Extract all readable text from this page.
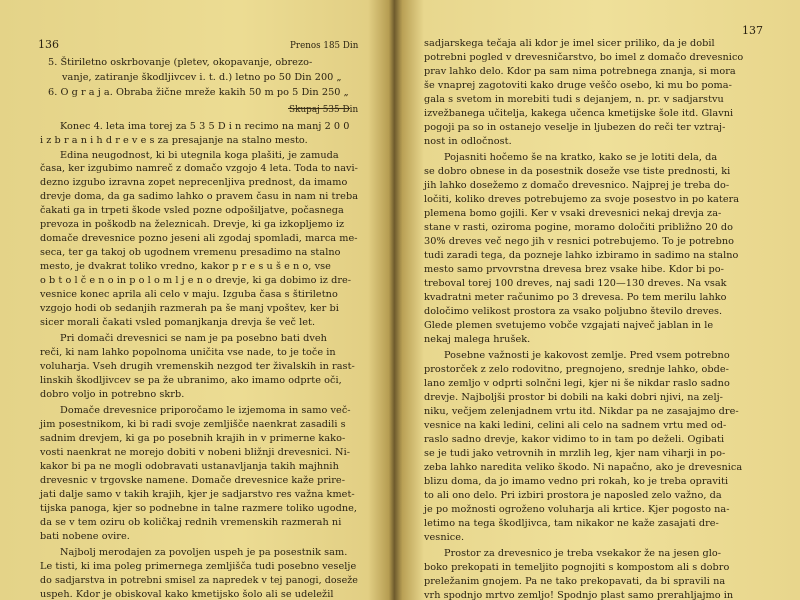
136	Prenos 185 Din
5. Štiriletno oskrbovanje (pletev, okopavanje, obrezo-
vanje, zatiranje škodljivcev i. t. d.) letno po 50 Din 200 „
6. O g r a j a. Obraba žične mreže kakih 50 m po 5 Din 250 „
Skupaj 535 Din
Konec 4. leta ima torej za 5 3 5 D i n recimo na manj 2 0 0
i z b r a n i h d r e v e s za presajanje na stalno mesto.
Edina neugodnost, ki bi utegnila koga plašiti, je zamuda
časa, ker izgubimo namreč z domačo vzgojo 4 leta. Toda to navi-
dezno izgubo izravna zopet neprecenljiva prednost, da imamo
drevje doma, da ga sadimo lahko o pravem času in nam ni treba
čakati ga in trpeti škode vsled pozne odpošiljatve, počasnega
prevoza in poškodb na železnicah. Drevje, ki ga izkopljemo iz
domače drevesnice pozno jeseni ali zgodaj spomladi, marca me-
seca, ter ga takoj ob ugodnem vremenu presadimo na stalno
mesto, je dvakrat toliko vredno, kakor p r e s u š e n o, vse
o b t o l č e n o in p o l o m l j e n o drevje, ki ga dobimo iz dre-
vesnice konec aprila ali celo v maju. Izguba časa s štiriletno
vzgojo hodi ob sedanjih razmerah pa še manj vpoštev, ker bi
sicer morali čakati vsled pomanjkanja drevja še več let.
Pri domači drevesnici se nam je pa posebno bati dveh
reči, ki nam lahko popolnoma uničita vse nade, to je toče in
voluharja. Vseh drugih vremenskih nezgod ter živalskih in rast-
linskih škodljivcev se pa že ubranimo, ako imamo odprte oči,
dobro voljo in potrebno skrb.
Domače drevesnice priporočamo le izjemoma in samo več-
jim posestnikom, ki bi radi svoje zemljišče naenkrat zasadili s
sadnim drevjem, ki ga po posebnih krajih in v primerne kako-
vosti naenkrat ne morejo dobiti v nobeni bližnji drevesnici. Ni-
kakor bi pa ne mogli odobravati ustanavljanja takih majhnih
drevesnic v trgovske namene. Domače drevesnice kaže prire-
jati dalje samo v takih krajih, kjer je sadjarstvo res važna kmet-
tijska panoga, kjer so podnebne in talne razmere toliko ugodne,
da se v tem oziru ob količkaj rednih vremenskih razmerah ni
bati nobene ovire.
Najbolj merodajen za povoljen uspeh je pa posestnik sam.
Le tisti, ki ima poleg primernega zemljišča tudi posebno veselje
do sadjarstva in potrebni smisel za napredek v tej panogi, doseže
uspeh. Kdor je obiskoval kako kmetijsko šolo ali se udeležil
137
sadjarskega tečaja ali kdor je imel sicer priliko, da je dobil
potrebni pogled v drevesničarstvo, bo imel z domačo drevesnico
prav lahko delo. Kdor pa sam nima potrebnega znanja, si mora
še vnaprej zagotoviti kako druge veščo osebo, ki mu bo poma-
gala s svetom in morebiti tudi s dejanjem, n. pr. v sadjarstvu
izvežbanega učitelja, kakega učenca kmetijske šole itd. Glavni
pogoji pa so in ostanejo veselje in ljubezen do reči ter vztraj-
nost in odločnost.
Pojasniti hočemo še na kratko, kako se je lotiti dela, da
se dobro obnese in da posestnik doseže vse tiste prednosti, ki
jih lahko dosežemo z domačo drevesnico. Najprej je treba do-
ločiti, koliko dreves potrebujemo za svoje posestvo in po katera
plemena bomo gojili. Ker v vsaki drevesnici nekaj drevja za-
stane v rasti, oziroma pogine, moramo določiti približno 20 do
30% dreves več nego jih v resnici potrebujemo. To je potrebno
tudi zaradi tega, da pozneje lahko izbiramo in sadimo na stalno
mesto samo prvovrstna drevesa brez vsake hibe. Kdor bi po-
treboval torej 100 dreves, naj sadi 120—130 dreves. Na vsak
kvadratni meter računimo po 3 drevesa. Po tem merilu lahko
določimo velikost prostora za vsako poljubno število dreves.
Glede plemen svetujemo vobče vzgajati največ jablan in le
nekaj malega hrušek.
Posebne važnosti je kakovost zemlje. Pred vsem potrebno
prostorček z zelo rodovitno, pregnojeno, srednje lahko, obde-
lano zemljo v odprti solnčni legi, kjer ni še nikdar raslo sadno
drevje. Najboljši prostor bi dobili na kaki dobri njivi, na zelj-
niku, večjem zelenjadnem vrtu itd. Nikdar pa ne zasajajmo dre-
vesnice na kaki ledini, celini ali celo na sadnem vrtu med od-
raslo sadno drevje, kakor vidimo to in tam po deželi. Ogibati
se je tudi jako vetrovnih in mrzlih leg, kjer nam viharji in po-
zeba lahko naredita veliko škodo. Ni napačno, ako je drevesnica
blizu doma, da jo imamo vedno pri rokah, ko je treba opraviti
to ali ono delo. Pri izbiri prostora je naposled zelo važno, da
je po možnosti ogroženo voluharja ali krtice. Kjer pogosto na-
letimo na tega škodljivca, tam nikakor ne kaže zasajati dre-
vesnice.
Prostor za drevesnico je treba vsekakor že na jesen glo-
boko prekopati in temeljito pognojiti s kompostom ali s dobro
preležanim gnojem. Pa ne tako prekopavati, da bi spravili na
vrh spodnjo mrtvo zemljo! Spodnjo plast samo prerahljajmo in
